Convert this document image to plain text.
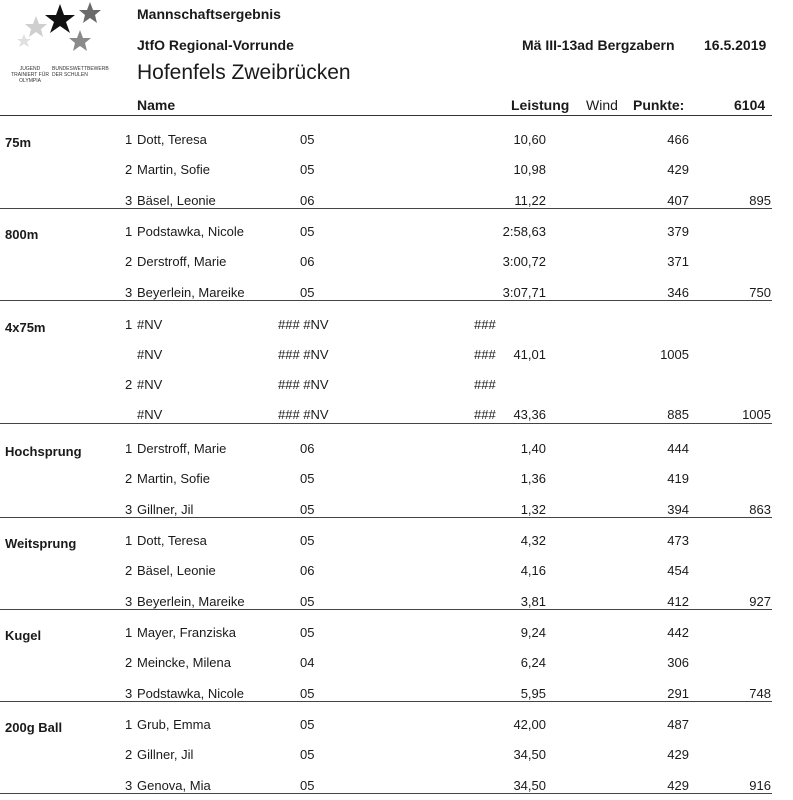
JUGEND TRAINIERT FÜR OLYMPIA
BUNDESWETTBEWERB DER SCHULEN
Mannschaftsergebnis
JtfO Regional-Vorrunde	Mä III-13ad Bergzabern 16.5.2019
Hofenfels Zweibrücken
Name	Leistung Wind Punkte:	6104
75m	1 Dott, Teresa	05	10,60	466
2 Martin, Sofie	05	10,98	429
3 Bäsel, Leonie	06	11,22	407	895
800m	1 Podstawka, Nicole	05	2:58,63	379
2 Derstroff, Marie	06	3:00,72	371
3 Beyerlein, Mareike	05	3:07,71	346	750
4x75m	1 #NV	### #NV	###
#NV	### #NV	### 41,01	1005
2 #NV	### #NV	###
#NV	### #NV	### 43,36	885	1005
Hochsprung	1 Derstroff, Marie	06	1,40	444
2 Martin, Sofie	05	1,36	419
3 Gillner, Jil	05	1,32	394	863
Weitsprung	1 Dott, Teresa	05	4,32	473
2 Bäsel, Leonie	06	4,16	454
3 Beyerlein, Mareike	05	3,81	412	927
Kugel	1 Mayer, Franziska	05	9,24	442
2 Meincke, Milena	04	6,24	306
3 Podstawka, Nicole	05	5,95	291	748
200g Ball	1 Grub, Emma	05	42,00	487
2 Gillner, Jil	05	34,50	429
3 Genova, Mia	05	34,50	429	916
